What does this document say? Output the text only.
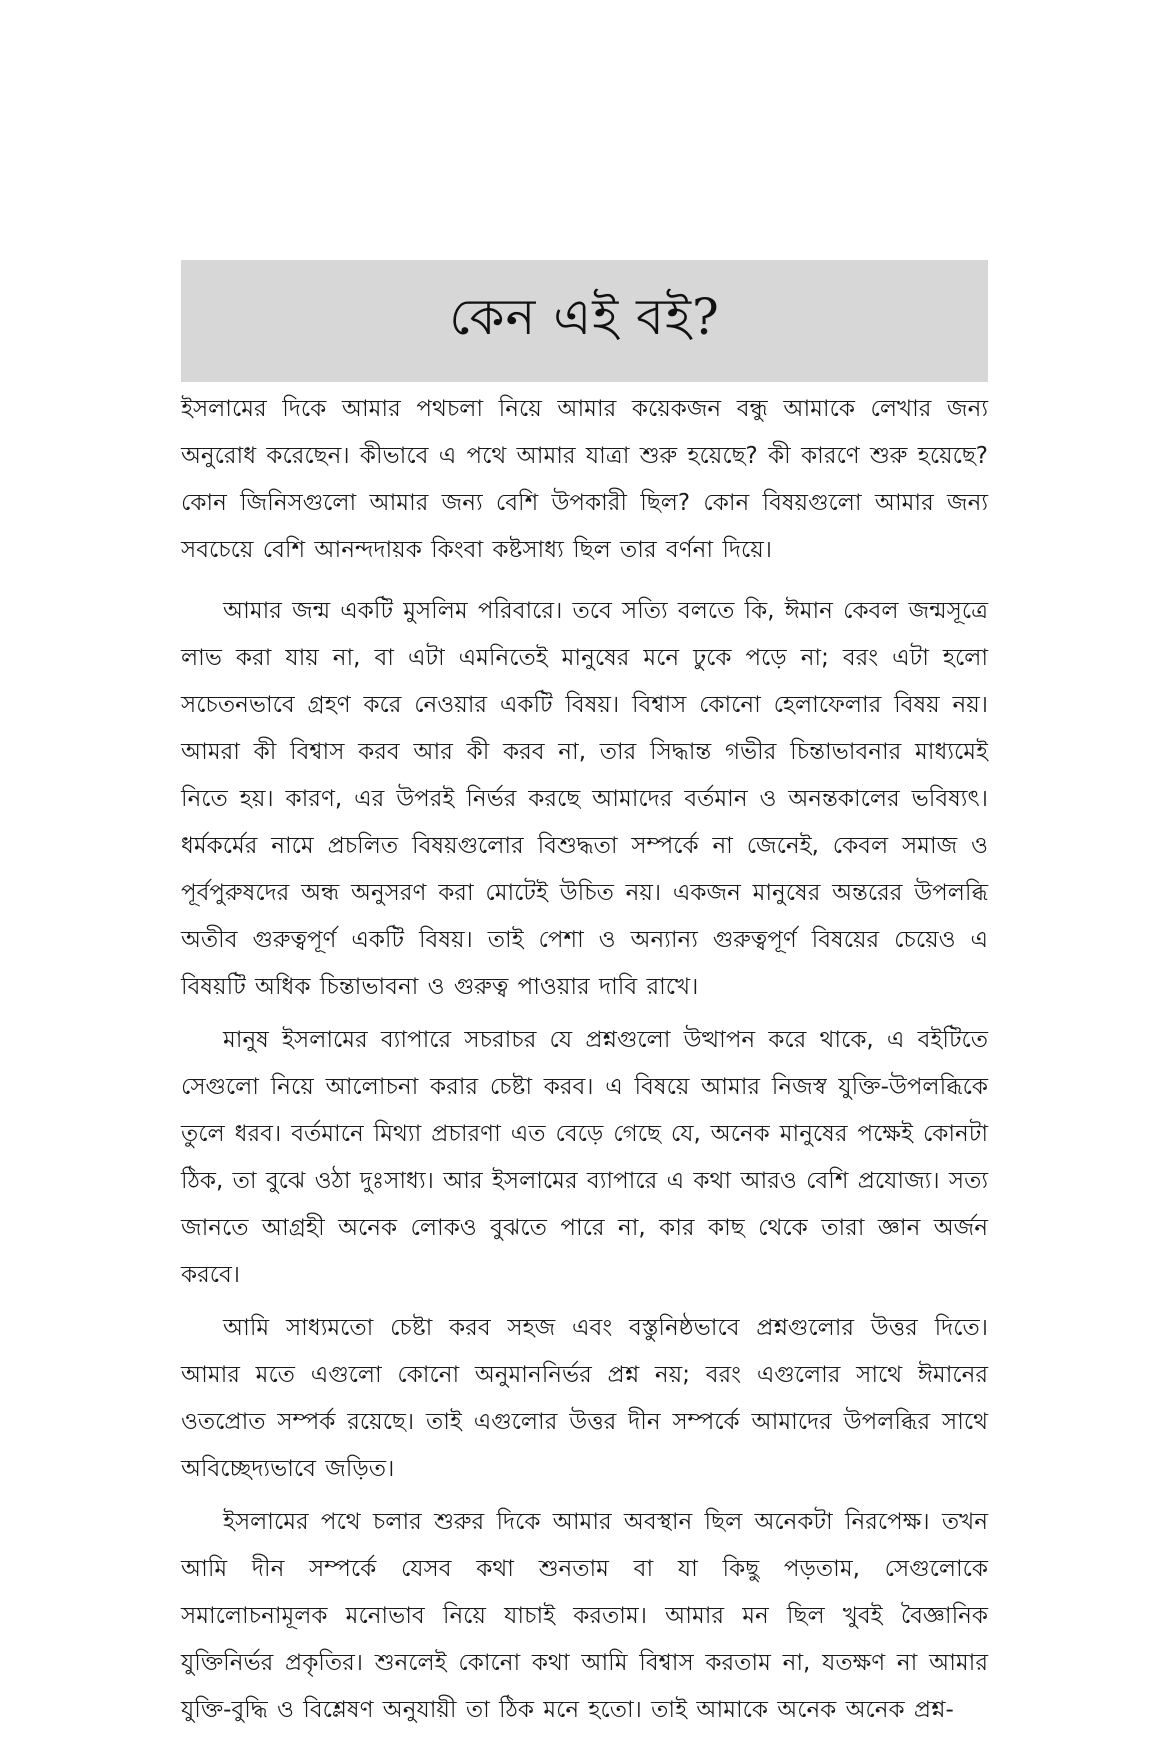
কেন এই বই?

ইসলামের দিকে আমার পথচলা নিয়ে আমার কয়েকজন বন্ধু আমাকে লেখার জন্য অনুরোধ করেছেন। কীভাবে এ পথে আমার যাত্রা শুরু হয়েছে? কী কারণে শুরু হয়েছে? কোন জিনিসগুলো আমার জন্য বেশি উপকারী ছিল? কোন বিষয়গুলো আমার জন্য সবচেয়ে বেশি আনন্দদায়ক কিংবা কষ্টসাধ্য ছিল তার বর্ণনা দিয়ে।

আমার জন্ম একটি মুসলিম পরিবারে। তবে সত্যি বলতে কি, ঈমান কেবল জন্মসূত্রে লাভ করা যায় না, বা এটা এমনিতেই মানুষের মনে ঢুকে পড়ে না; বরং এটা হলো সচেতনভাবে গ্রহণ করে নেওয়ার একটি বিষয়। বিশ্বাস কোনো হেলাফেলার বিষয় নয়। আমরা কী বিশ্বাস করব আর কী করব না, তার সিদ্ধান্ত গভীর চিন্তাভাবনার মাধ্যমেই নিতে হয়। কারণ, এর উপরই নির্ভর করছে আমাদের বর্তমান ও অনন্তকালের ভবিষ্যৎ। ধর্মকর্মের নামে প্রচলিত বিষয়গুলোর বিশুদ্ধতা সম্পর্কে না জেনেই, কেবল সমাজ ও পূর্বপুরুষদের অন্ধ অনুসরণ করা মোটেই উচিত নয়। একজন মানুষের অন্তরের উপলব্ধি অতীব গুরুত্বপূর্ণ একটি বিষয়। তাই পেশা ও অন্যান্য গুরুত্বপূর্ণ বিষয়ের চেয়েও এ বিষয়টি অধিক চিন্তাভাবনা ও গুরুত্ব পাওয়ার দাবি রাখে।

মানুষ ইসলামের ব্যাপারে সচরাচর যে প্রশ্নগুলো উত্থাপন করে থাকে, এ বইটিতে সেগুলো নিয়ে আলোচনা করার চেষ্টা করব। এ বিষয়ে আমার নিজস্ব যুক্তি-উপলব্ধিকে তুলে ধরব। বর্তমানে মিথ্যা প্রচারণা এত বেড়ে গেছে যে, অনেক মানুষের পক্ষেই কোনটা ঠিক, তা বুঝে ওঠা দুঃসাধ্য। আর ইসলামের ব্যাপারে এ কথা আরও বেশি প্রযোজ্য। সত্য জানতে আগ্রহী অনেক লোকও বুঝতে পারে না, কার কাছ থেকে তারা জ্ঞান অর্জন করবে।

আমি সাধ্যমতো চেষ্টা করব সহজ এবং বস্তুনিষ্ঠভাবে প্রশ্নগুলোর উত্তর দিতে। আমার মতে এগুলো কোনো অনুমাননির্ভর প্রশ্ন নয়; বরং এগুলোর সাথে ঈমানের ওতপ্রোত সম্পর্ক রয়েছে। তাই এগুলোর উত্তর দীন সম্পর্কে আমাদের উপলব্ধির সাথে অবিচ্ছেদ্যভাবে জড়িত।

ইসলামের পথে চলার শুরুর দিকে আমার অবস্থান ছিল অনেকটা নিরপেক্ষ। তখন আমি দীন সম্পর্কে যেসব কথা শুনতাম বা যা কিছু পড়তাম, সেগুলোকে সমালোচনামূলক মনোভাব নিয়ে যাচাই করতাম। আমার মন ছিল খুবই বৈজ্ঞানিক যুক্তিনির্ভর প্রকৃতির। শুনলেই কোনো কথা আমি বিশ্বাস করতাম না, যতক্ষণ না আমার যুক্তি-বুদ্ধি ও বিশ্লেষণ অনুযায়ী তা ঠিক মনে হতো। তাই আমাকে অনেক অনেক প্রশ্ন-
